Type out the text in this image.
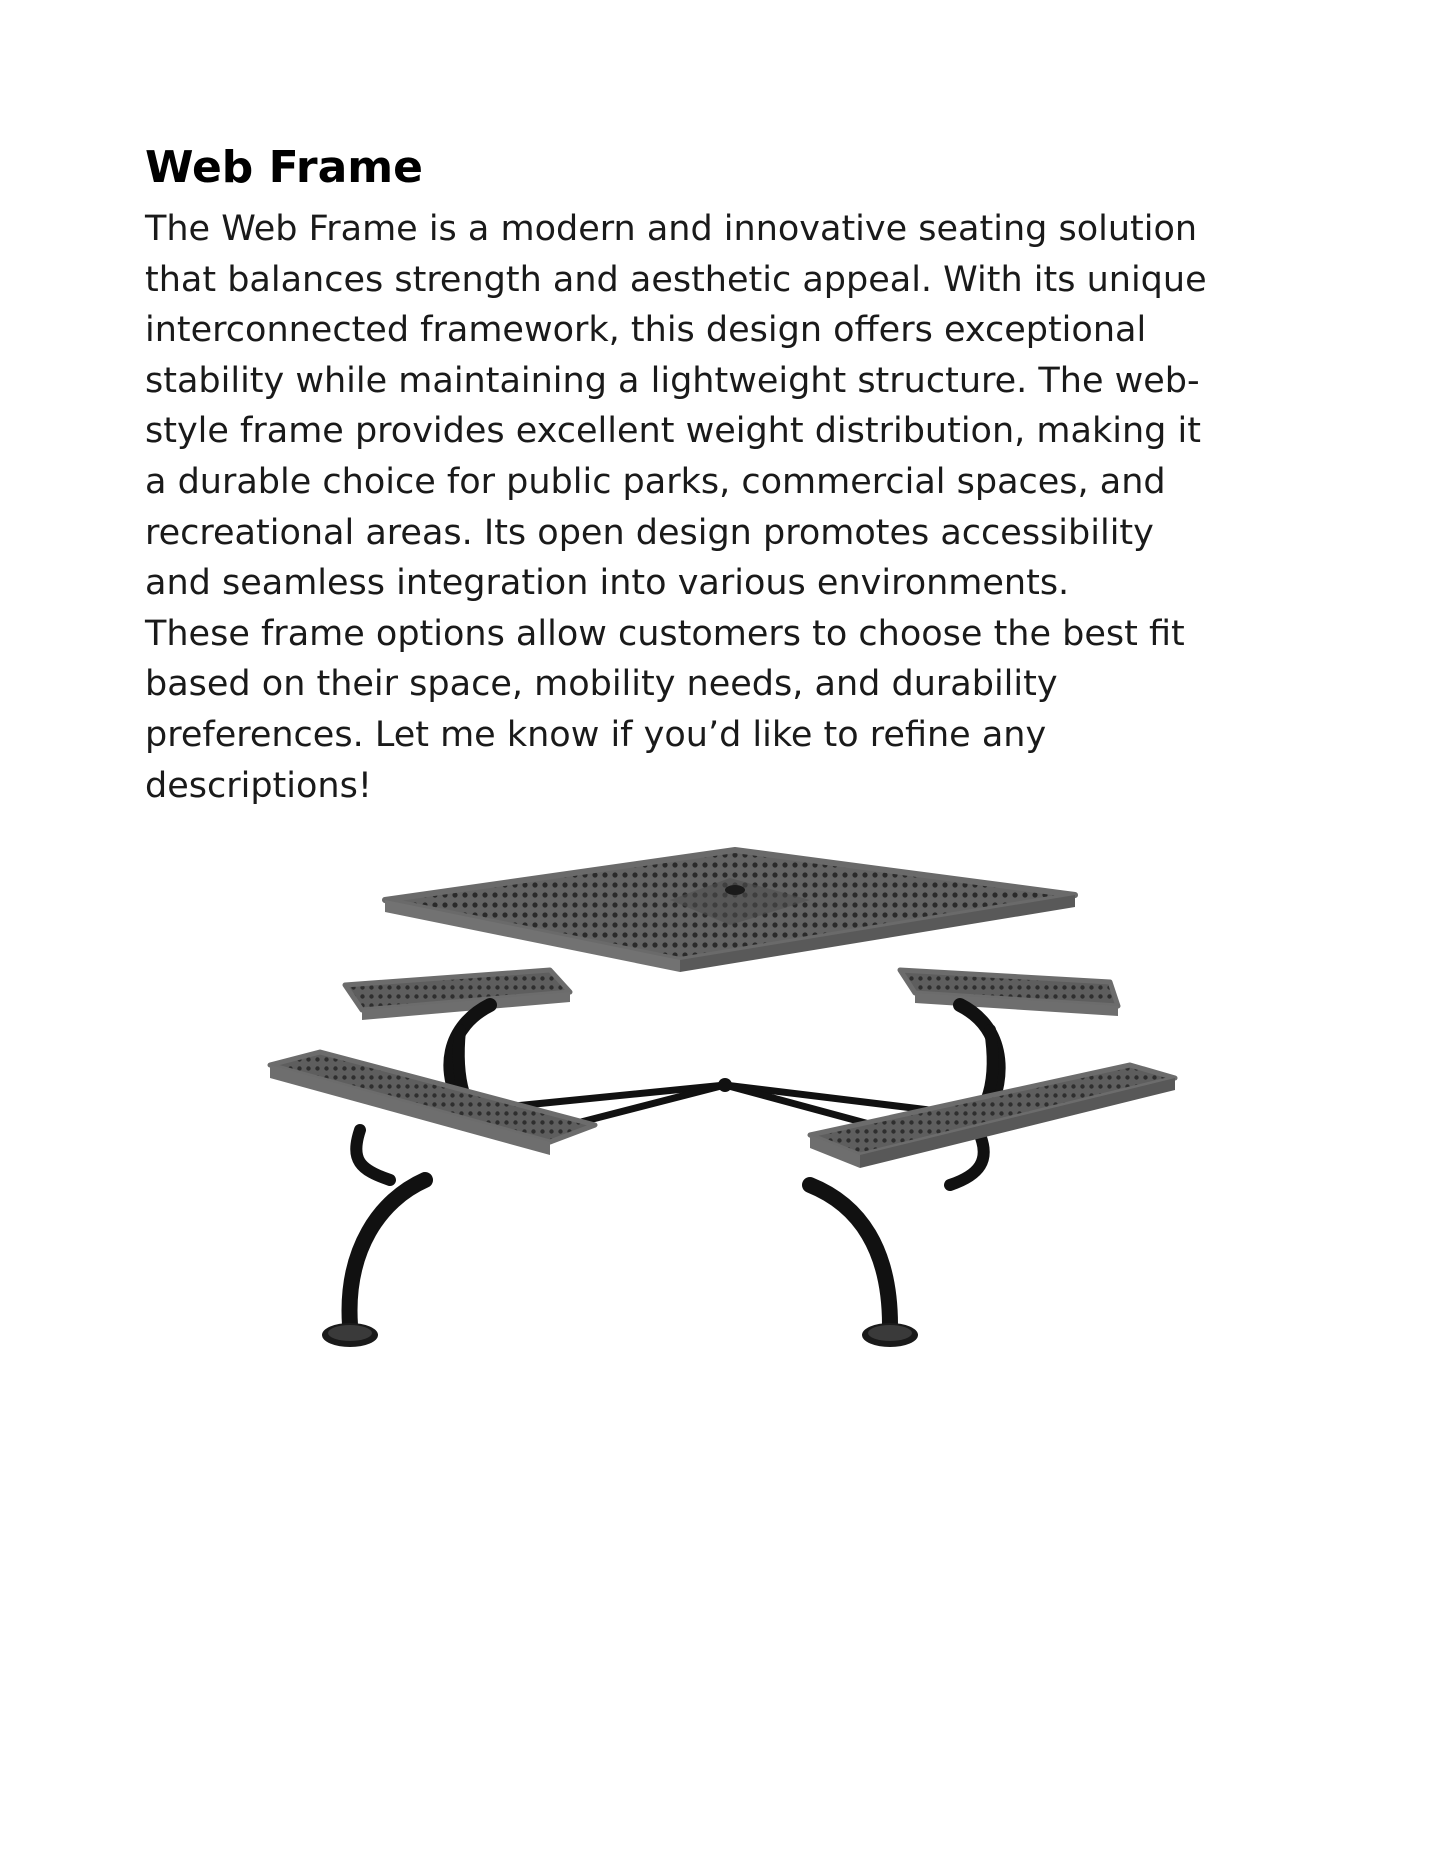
Web Frame

The Web Frame is a modern and innovative seating solution
that balances strength and aesthetic appeal. With its unique
interconnected framework, this design offers exceptional
stability while maintaining a lightweight structure. The web-
style frame provides excellent weight distribution, making it
a durable choice for public parks, commercial spaces, and
recreational areas. Its open design promotes accessibility
and seamless integration into various environments.
These frame options allow customers to choose the best fit
based on their space, mobility needs, and durability
preferences. Let me know if you’d like to refine any
descriptions!
